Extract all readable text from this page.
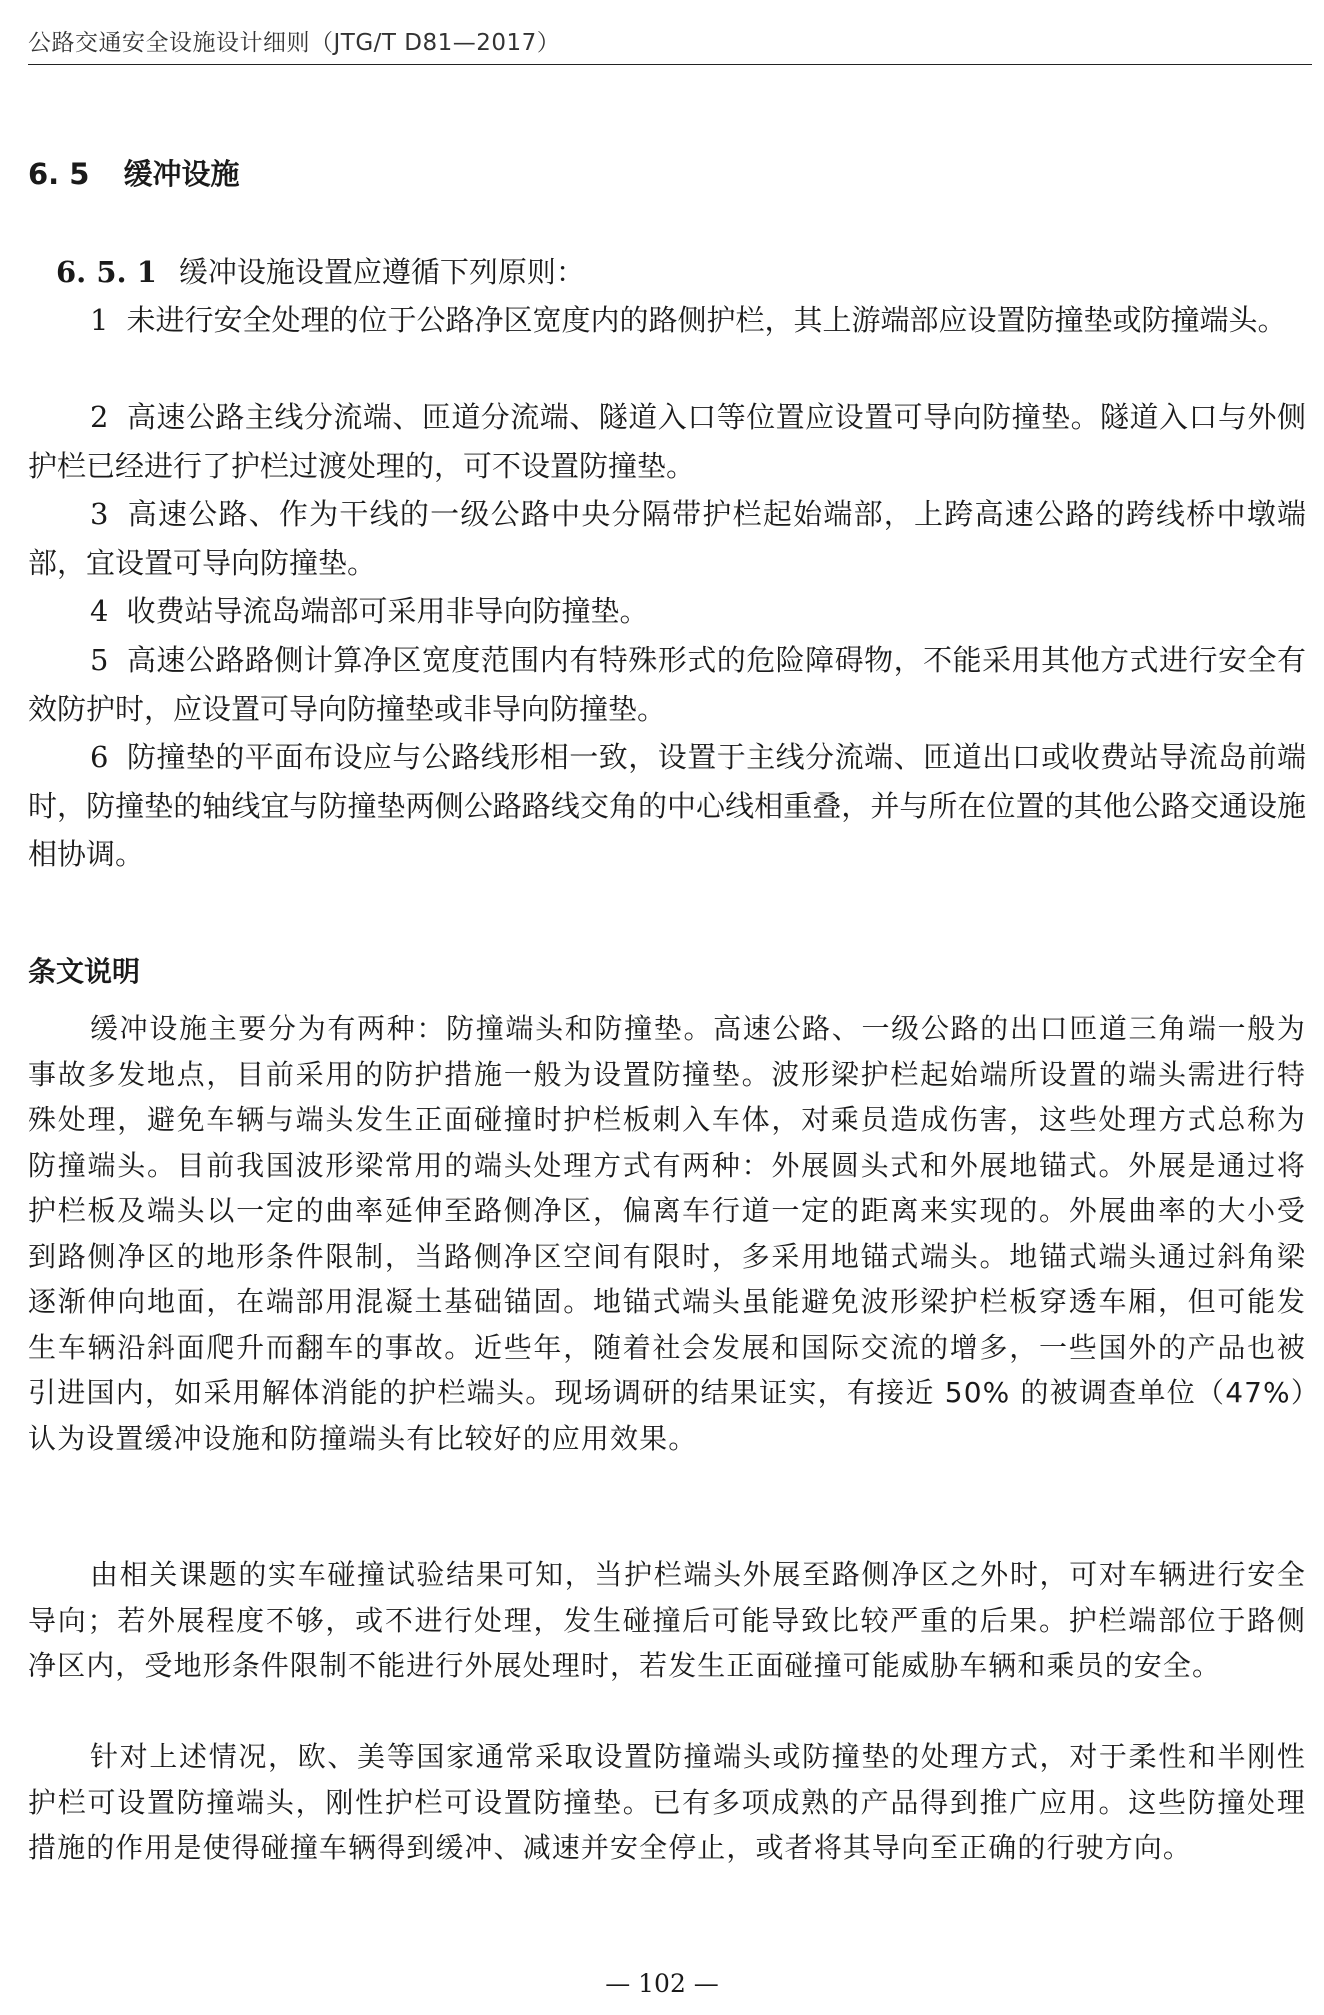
公路交通安全设施设计细则（JTG/T D81—2017）
6. 5 缓冲设施

6. 5. 1 缓冲设施设置应遵循下列原则：

1 未进行安全处理的位于公路净区宽度内的路侧护栏，其上游端部应设置防撞垫或防撞端头。

2 高速公路主线分流端、匝道分流端、隧道入口等位置应设置可导向防撞垫。隧道入口与外侧护栏已经进行了护栏过渡处理的，可不设置防撞垫。

3 高速公路、作为干线的一级公路中央分隔带护栏起始端部，上跨高速公路的跨线桥中墩端部，宜设置可导向防撞垫。

4 收费站导流岛端部可采用非导向防撞垫。

5 高速公路路侧计算净区宽度范围内有特殊形式的危险障碍物，不能采用其他方式进行安全有效防护时，应设置可导向防撞垫或非导向防撞垫。

6 防撞垫的平面布设应与公路线形相一致，设置于主线分流端、匝道出口或收费站导流岛前端时，防撞垫的轴线宜与防撞垫两侧公路路线交角的中心线相重叠，并与所在位置的其他公路交通设施相协调。

条文说明

缓冲设施主要分为有两种：防撞端头和防撞垫。高速公路、一级公路的出口匝道三角端一般为事故多发地点，目前采用的防护措施一般为设置防撞垫。波形梁护栏起始端所设置的端头需进行特殊处理，避免车辆与端头发生正面碰撞时护栏板刺入车体，对乘员造成伤害，这些处理方式总称为防撞端头。目前我国波形梁常用的端头处理方式有两种：外展圆头式和外展地锚式。外展是通过将护栏板及端头以一定的曲率延伸至路侧净区，偏离车行道一定的距离来实现的。外展曲率的大小受到路侧净区的地形条件限制，当路侧净区空间有限时，多采用地锚式端头。地锚式端头通过斜角梁逐渐伸向地面，在端部用混凝土基础锚固。地锚式端头虽能避免波形梁护栏板穿透车厢，但可能发生车辆沿斜面爬升而翻车的事故。近些年，随着社会发展和国际交流的增多，一些国外的产品也被引进国内，如采用解体消能的护栏端头。现场调研的结果证实，有接近 50% 的被调查单位（47%）认为设置缓冲设施和防撞端头有比较好的应用效果。

由相关课题的实车碰撞试验结果可知，当护栏端头外展至路侧净区之外时，可对车辆进行安全导向；若外展程度不够，或不进行处理，发生碰撞后可能导致比较严重的后果。护栏端部位于路侧净区内，受地形条件限制不能进行外展处理时，若发生正面碰撞可能威胁车辆和乘员的安全。

针对上述情况，欧、美等国家通常采取设置防撞端头或防撞垫的处理方式，对于柔性和半刚性护栏可设置防撞端头，刚性护栏可设置防撞垫。已有多项成熟的产品得到推广应用。这些防撞处理措施的作用是使得碰撞车辆得到缓冲、减速并安全停止，或者将其导向至正确的行驶方向。

— 102 —
